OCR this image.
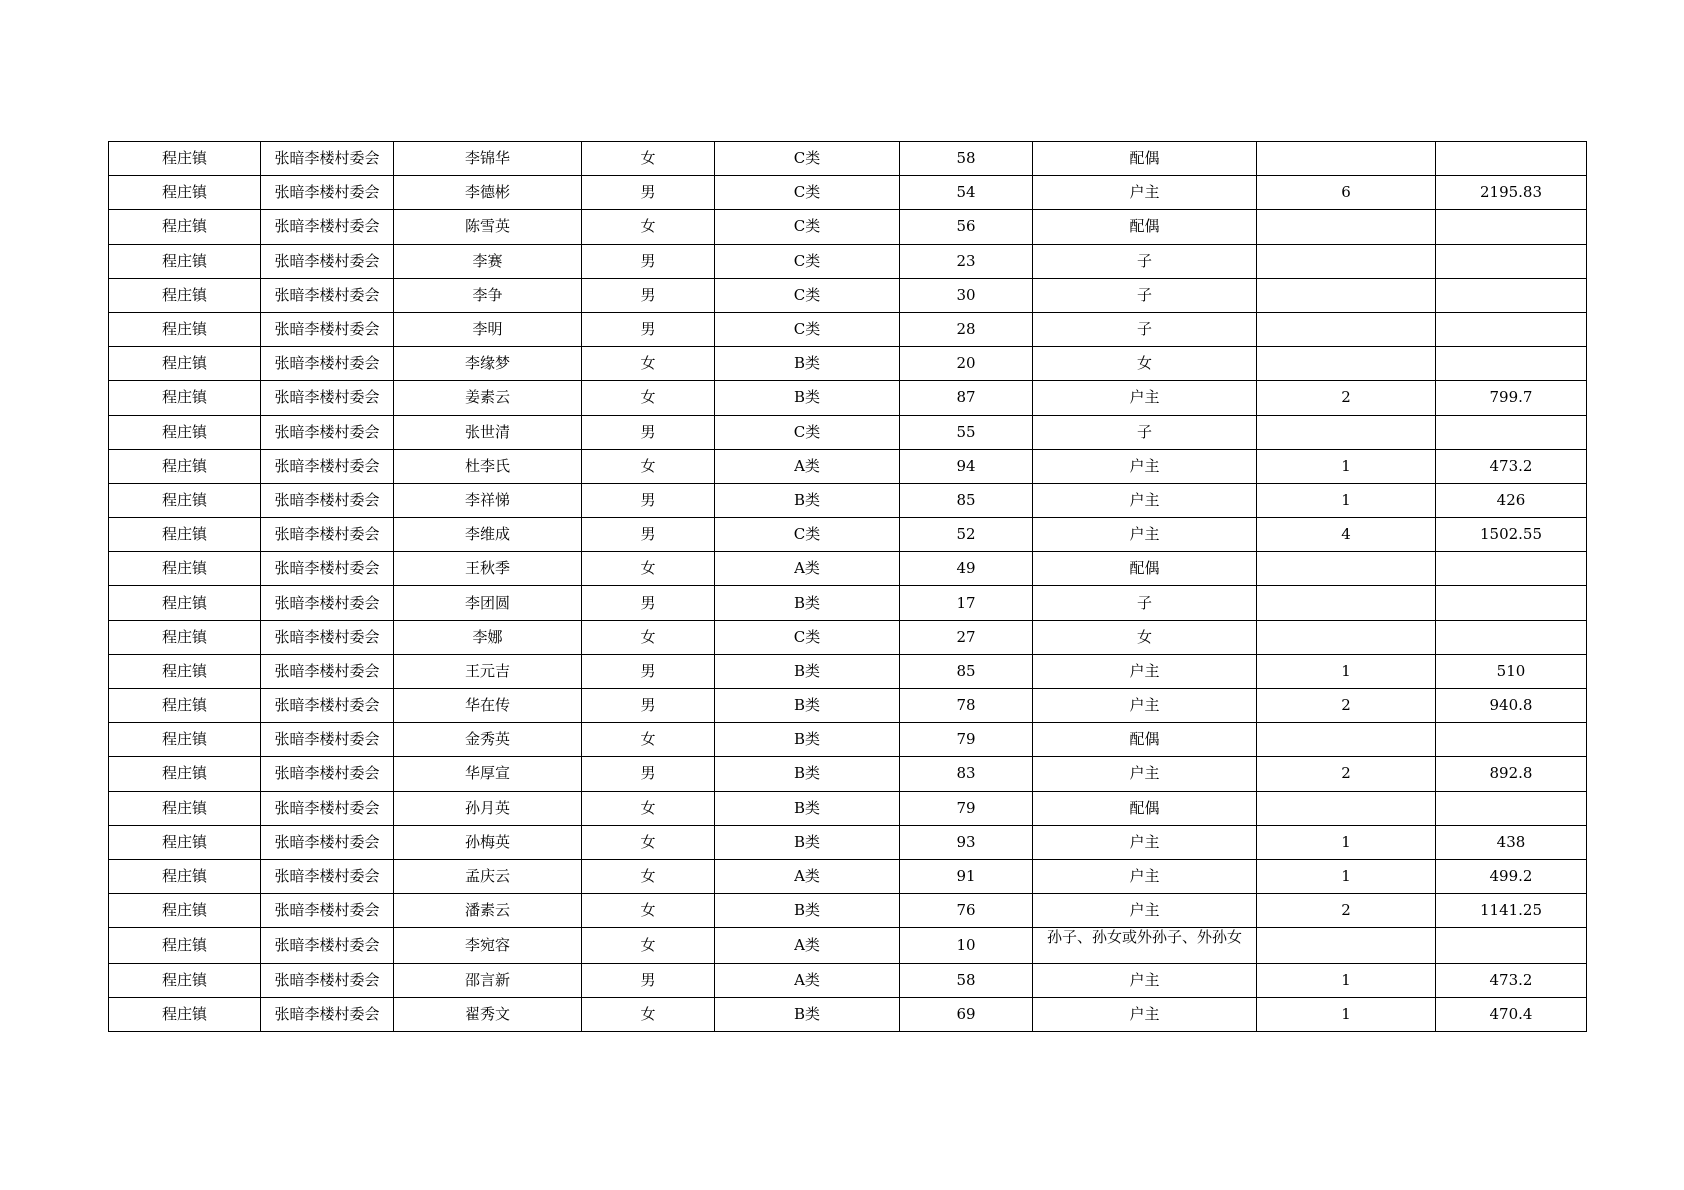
程庄镇	张暗李楼村委会	李锦华	女	C类	58	配偶		
程庄镇	张暗李楼村委会	李德彬	男	C类	54	户主	6	2195.83
程庄镇	张暗李楼村委会	陈雪英	女	C类	56	配偶		
程庄镇	张暗李楼村委会	李赛	男	C类	23	子		
程庄镇	张暗李楼村委会	李争	男	C类	30	子		
程庄镇	张暗李楼村委会	李明	男	C类	28	子		
程庄镇	张暗李楼村委会	李缘梦	女	B类	20	女		
程庄镇	张暗李楼村委会	姜素云	女	B类	87	户主	2	799.7
程庄镇	张暗李楼村委会	张世清	男	C类	55	子		
程庄镇	张暗李楼村委会	杜李氏	女	A类	94	户主	1	473.2
程庄镇	张暗李楼村委会	李祥悌	男	B类	85	户主	1	426
程庄镇	张暗李楼村委会	李维成	男	C类	52	户主	4	1502.55
程庄镇	张暗李楼村委会	王秋季	女	A类	49	配偶		
程庄镇	张暗李楼村委会	李团圆	男	B类	17	子		
程庄镇	张暗李楼村委会	李娜	女	C类	27	女		
程庄镇	张暗李楼村委会	王元吉	男	B类	85	户主	1	510
程庄镇	张暗李楼村委会	华在传	男	B类	78	户主	2	940.8
程庄镇	张暗李楼村委会	金秀英	女	B类	79	配偶		
程庄镇	张暗李楼村委会	华厚宣	男	B类	83	户主	2	892.8
程庄镇	张暗李楼村委会	孙月英	女	B类	79	配偶		
程庄镇	张暗李楼村委会	孙梅英	女	B类	93	户主	1	438
程庄镇	张暗李楼村委会	孟庆云	女	A类	91	户主	1	499.2
程庄镇	张暗李楼村委会	潘素云	女	B类	76	户主	2	1141.25
程庄镇	张暗李楼村委会	李宛容	女	A类	10	孙子、孙女或外孙子、外孙女		

程庄镇	张暗李楼村委会	邵言新	男	A类	58	户主	1	473.2
程庄镇	张暗李楼村委会	翟秀文	女	B类	69	户主	1	470.4
